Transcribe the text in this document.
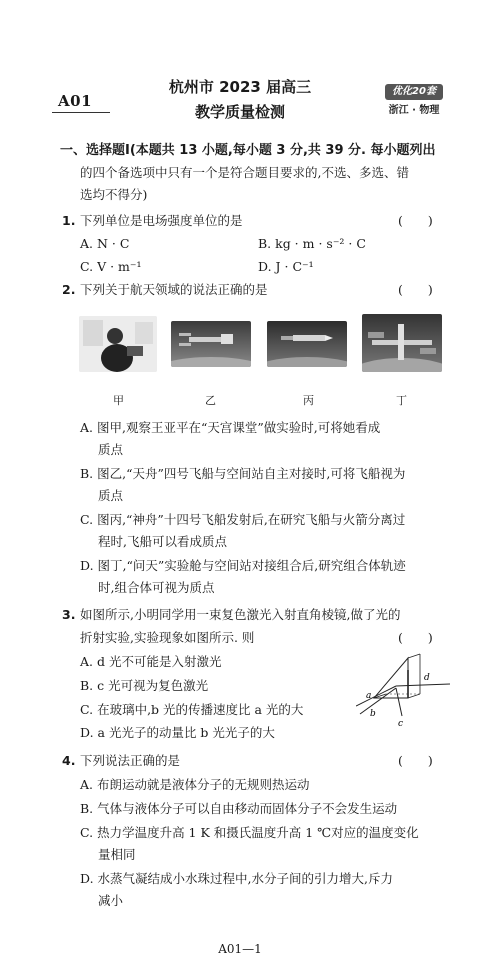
A01
杭州市 2023 届高三
教学质量检测
优化20套
浙江 · 物理
一、选择题Ⅰ(本题共 13 小题,每小题 3 分,共 39 分. 每小题列出
的四个备选项中只有一个是符合题目要求的,不选、多选、错
选均不得分)
1. 下列单位是电场强度单位的是	(　　)
A. N · C	B. kg · m · s⁻² · C
C. V · m⁻¹	D. J · C⁻¹
2. 下列关于航天领域的说法正确的是	(　　)
甲	乙	丙	丁
A. 图甲,观察王亚平在“天宫课堂”做实验时,可将她看成
质点
B. 图乙,“天舟”四号飞船与空间站自主对接时,可将飞船视为
质点
C. 图丙,“神舟”十四号飞船发射后,在研究飞船与火箭分离过
程时,飞船可以看成质点
D. 图丁,“问天”实验舱与空间站对接组合后,研究组合体轨迹
时,组合体可视为质点
3. 如图所示,小明同学用一束复色激光入射直角棱镜,做了光的
折射实验,实验现象如图所示. 则	(　　)
A. d 光不可能是入射激光
B. c 光可视为复色激光
C. 在玻璃中,b 光的传播速度比 a 光的大
D. a 光光子的动量比 b 光光子的大
a
b
c
d
4. 下列说法正确的是	(　　)
A. 布朗运动就是液体分子的无规则热运动
B. 气体与液体分子可以自由移动而固体分子不会发生运动
C. 热力学温度升高 1 K 和摄氏温度升高 1 ℃对应的温度变化
量相同
D. 水蒸气凝结成小水珠过程中,水分子间的引力增大,斥力
减小
A01—1
